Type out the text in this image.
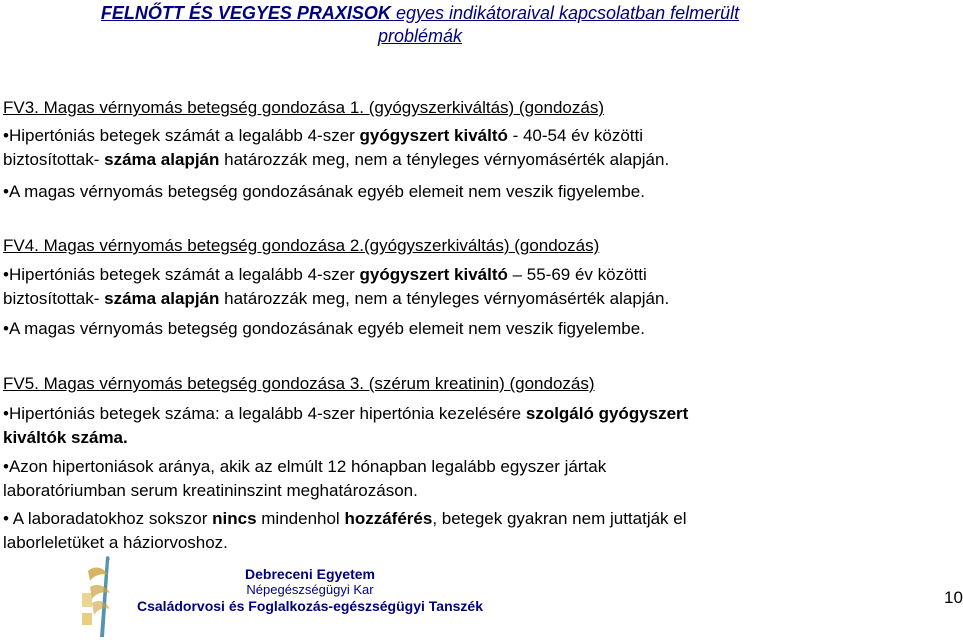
FELNŐTT ÉS VEGYES PRAXISOK egyes indikátoraival kapcsolatban felmerült problémák
FV3. Magas vérnyomás betegség gondozása 1. (gyógyszerkiváltás) (gondozás)
•Hipertóniás betegek számát a legalább 4-szer gyógyszert kiváltó - 40-54 év közötti
biztosítottak- száma alapján határozzák meg, nem a tényleges vérnyomásérték alapján.
•A magas vérnyomás betegség gondozásának egyéb elemeit nem veszik figyelembe.
FV4. Magas vérnyomás betegség gondozása 2.(gyógyszerkiváltás) (gondozás)
•Hipertóniás betegek számát a legalább 4-szer gyógyszert kiváltó – 55-69 év közötti
biztosítottak- száma alapján határozzák meg, nem a tényleges vérnyomásérték alapján.
•A magas vérnyomás betegség gondozásának egyéb elemeit nem veszik figyelembe.
FV5. Magas vérnyomás betegség gondozása 3. (szérum kreatinin) (gondozás)
•Hipertóniás betegek száma: a legalább 4-szer hipertónia kezelésére szolgáló gyógyszert
kiváltók száma.
•Azon hipertoniások aránya, akik az elmúlt 12 hónapban legalább egyszer jártak
laboratóriumban serum kreatininszint meghatározáson.
• A laboradatokhoz sokszor nincs mindenhol hozzáférés, betegek gyakran nem juttatják el
laborleletüket a háziorvoshoz.
Debreceni Egyetem
Népegészségügyi Kar
Családorvosi és Foglalkozás-egészségügyi Tanszék	10
